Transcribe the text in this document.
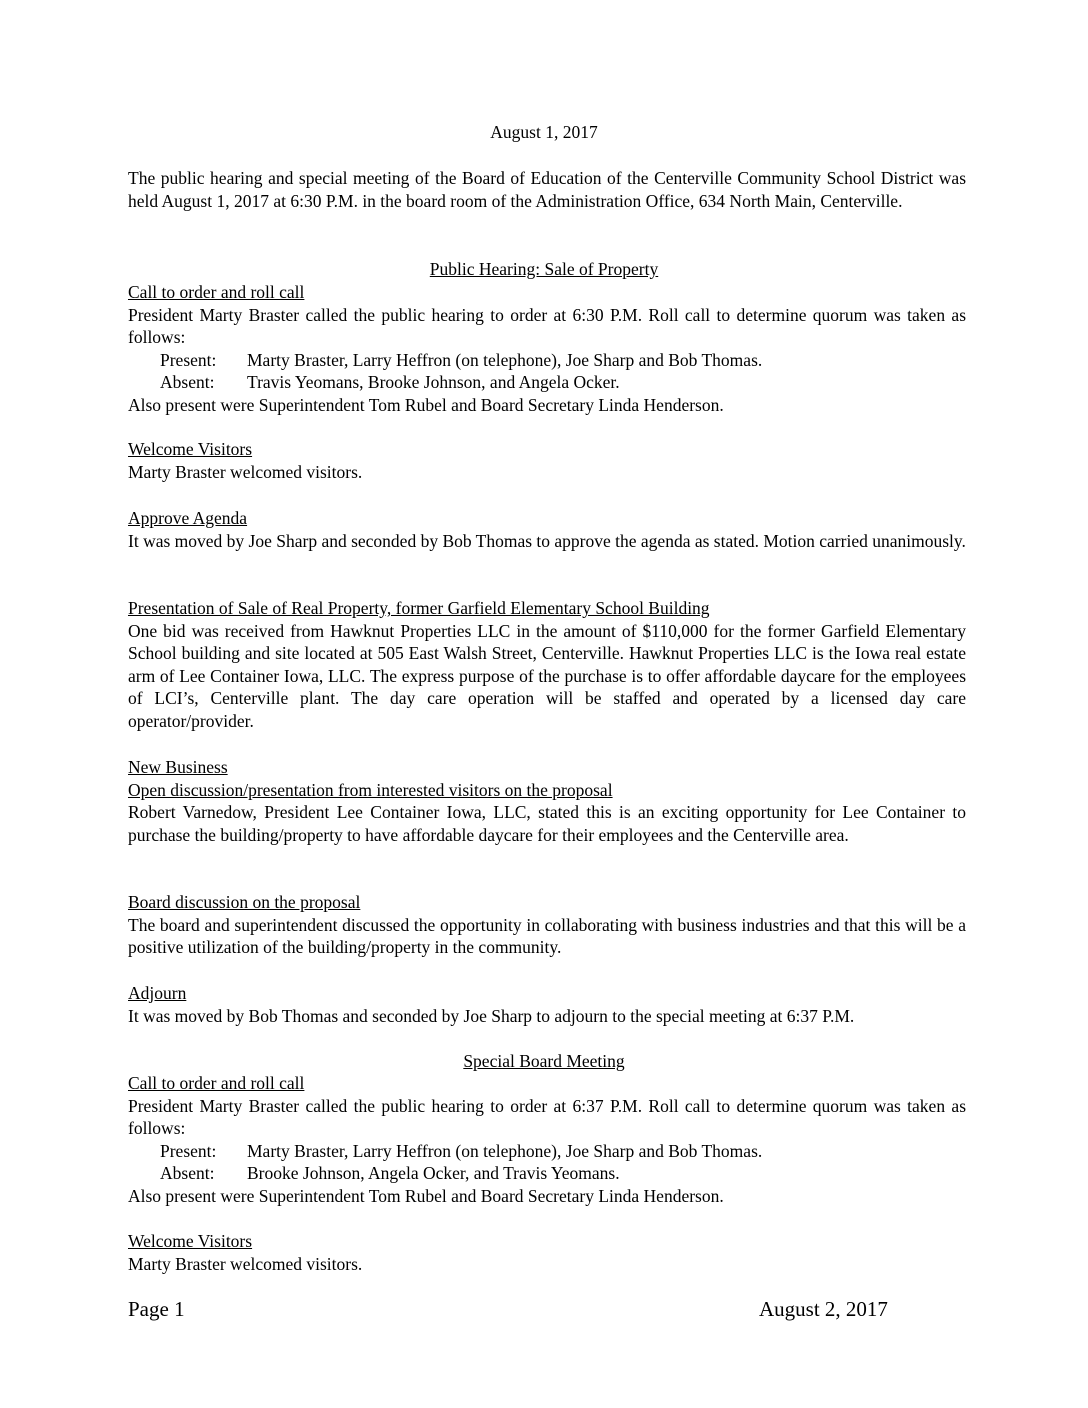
August 1, 2017

The public hearing and special meeting of the Board of Education of the Centerville Community School District was held August 1, 2017 at 6:30 P.M. in the board room of the Administration Office, 634 North Main, Centerville.

Public Hearing: Sale of Property
Call to order and roll call

President Marty Braster called the public hearing to order at 6:30 P.M. Roll call to determine quorum was taken as follows:

Present: Marty Braster, Larry Heffron (on telephone), Joe Sharp and Bob Thomas.
Absent: Travis Yeomans, Brooke Johnson, and Angela Ocker.
Also present were Superintendent Tom Rubel and Board Secretary Linda Henderson.
Welcome Visitors

Marty Braster welcomed visitors.

Approve Agenda

It was moved by Joe Sharp and seconded by Bob Thomas to approve the agenda as stated. Motion carried unanimously.

Presentation of Sale of Real Property, former Garfield Elementary School Building

One bid was received from Hawknut Properties LLC in the amount of $110,000 for the former Garfield Elementary School building and site located at 505 East Walsh Street, Centerville. Hawknut Properties LLC is the Iowa real estate arm of Lee Container Iowa, LLC. The express purpose of the purchase is to offer affordable daycare for the employees of LCI’s, Centerville plant. The day care operation will be staffed and operated by a licensed day care operator/provider.

New Business
Open discussion/presentation from interested visitors on the proposal

Robert Varnedow, President Lee Container Iowa, LLC, stated this is an exciting opportunity for Lee Container to purchase the building/property to have affordable daycare for their employees and the Centerville area.

Board discussion on the proposal

The board and superintendent discussed the opportunity in collaborating with business industries and that this will be a positive utilization of the building/property in the community.

Adjourn

It was moved by Bob Thomas and seconded by Joe Sharp to adjourn to the special meeting at 6:37 P.M.

Special Board Meeting
Call to order and roll call

President Marty Braster called the public hearing to order at 6:37 P.M. Roll call to determine quorum was taken as follows:

Present: Marty Braster, Larry Heffron (on telephone), Joe Sharp and Bob Thomas.
Absent: Brooke Johnson, Angela Ocker, and Travis Yeomans.
Also present were Superintendent Tom Rubel and Board Secretary Linda Henderson.
Welcome Visitors

Marty Braster welcomed visitors.

Page 1	August 2, 2017
